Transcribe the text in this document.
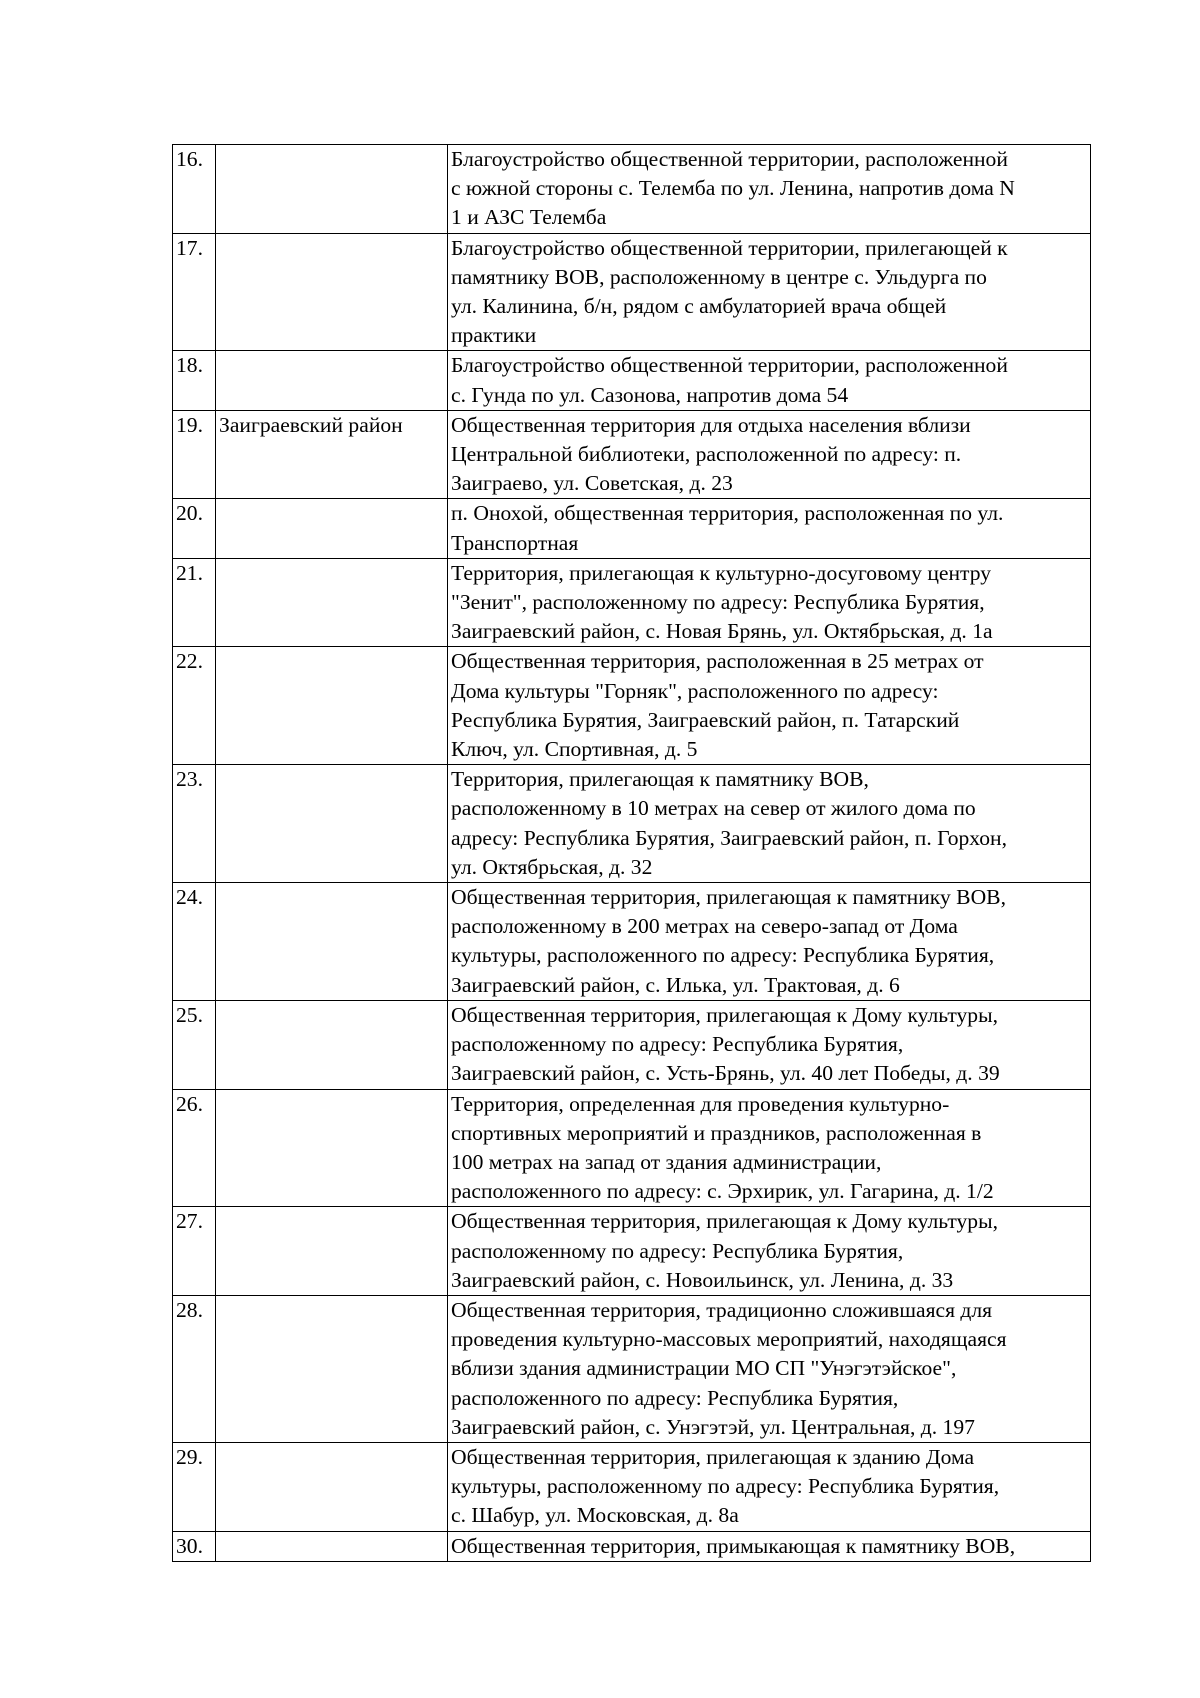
16.		Благоустройство общественной территории, расположенной
с южной стороны с. Телемба по ул. Ленина, напротив дома N
1 и АЗС Телемба

17.		Благоустройство общественной территории, прилегающей к
памятнику ВОВ, расположенному в центре с. Ульдурга по
ул. Калинина, б/н, рядом с амбулаторией врача общей
практики

18.		Благоустройство общественной территории, расположенной
с. Гунда по ул. Сазонова, напротив дома 54

19.	Заиграевский район	Общественная территория для отдыха населения вблизи
Центральной библиотеки, расположенной по адресу: п.
Заиграево, ул. Советская, д. 23

20.		п. Онохой, общественная территория, расположенная по ул.
Транспортная

21.		Территория, прилегающая к культурно-досуговому центру
"Зенит", расположенному по адресу: Республика Бурятия,
Заиграевский район, с. Новая Брянь, ул. Октябрьская, д. 1а

22.		Общественная территория, расположенная в 25 метрах от
Дома культуры "Горняк", расположенного по адресу:
Республика Бурятия, Заиграевский район, п. Татарский
Ключ, ул. Спортивная, д. 5

23.		Территория, прилегающая к памятнику ВОВ,
расположенному в 10 метрах на север от жилого дома по
адресу: Республика Бурятия, Заиграевский район, п. Горхон,
ул. Октябрьская, д. 32

24.		Общественная территория, прилегающая к памятнику ВОВ,
расположенному в 200 метрах на северо-запад от Дома
культуры, расположенного по адресу: Республика Бурятия,
Заиграевский район, с. Илька, ул. Трактовая, д. 6

25.		Общественная территория, прилегающая к Дому культуры,
расположенному по адресу: Республика Бурятия,
Заиграевский район, с. Усть-Брянь, ул. 40 лет Победы, д. 39

26.		Территория, определенная для проведения культурно-
спортивных мероприятий и праздников, расположенная в
100 метрах на запад от здания администрации,
расположенного по адресу: с. Эрхирик, ул. Гагарина, д. 1/2

27.		Общественная территория, прилегающая к Дому культуры,
расположенному по адресу: Республика Бурятия,
Заиграевский район, с. Новоильинск, ул. Ленина, д. 33

28.		Общественная территория, традиционно сложившаяся для
проведения культурно-массовых мероприятий, находящаяся
вблизи здания администрации МО СП "Унэгэтэйское",
расположенного по адресу: Республика Бурятия,
Заиграевский район, с. Унэгэтэй, ул. Центральная, д. 197

29.		Общественная территория, прилегающая к зданию Дома
культуры, расположенному по адресу: Республика Бурятия,
с. Шабур, ул. Московская, д. 8а

30.		Общественная территория, примыкающая к памятнику ВОВ,
